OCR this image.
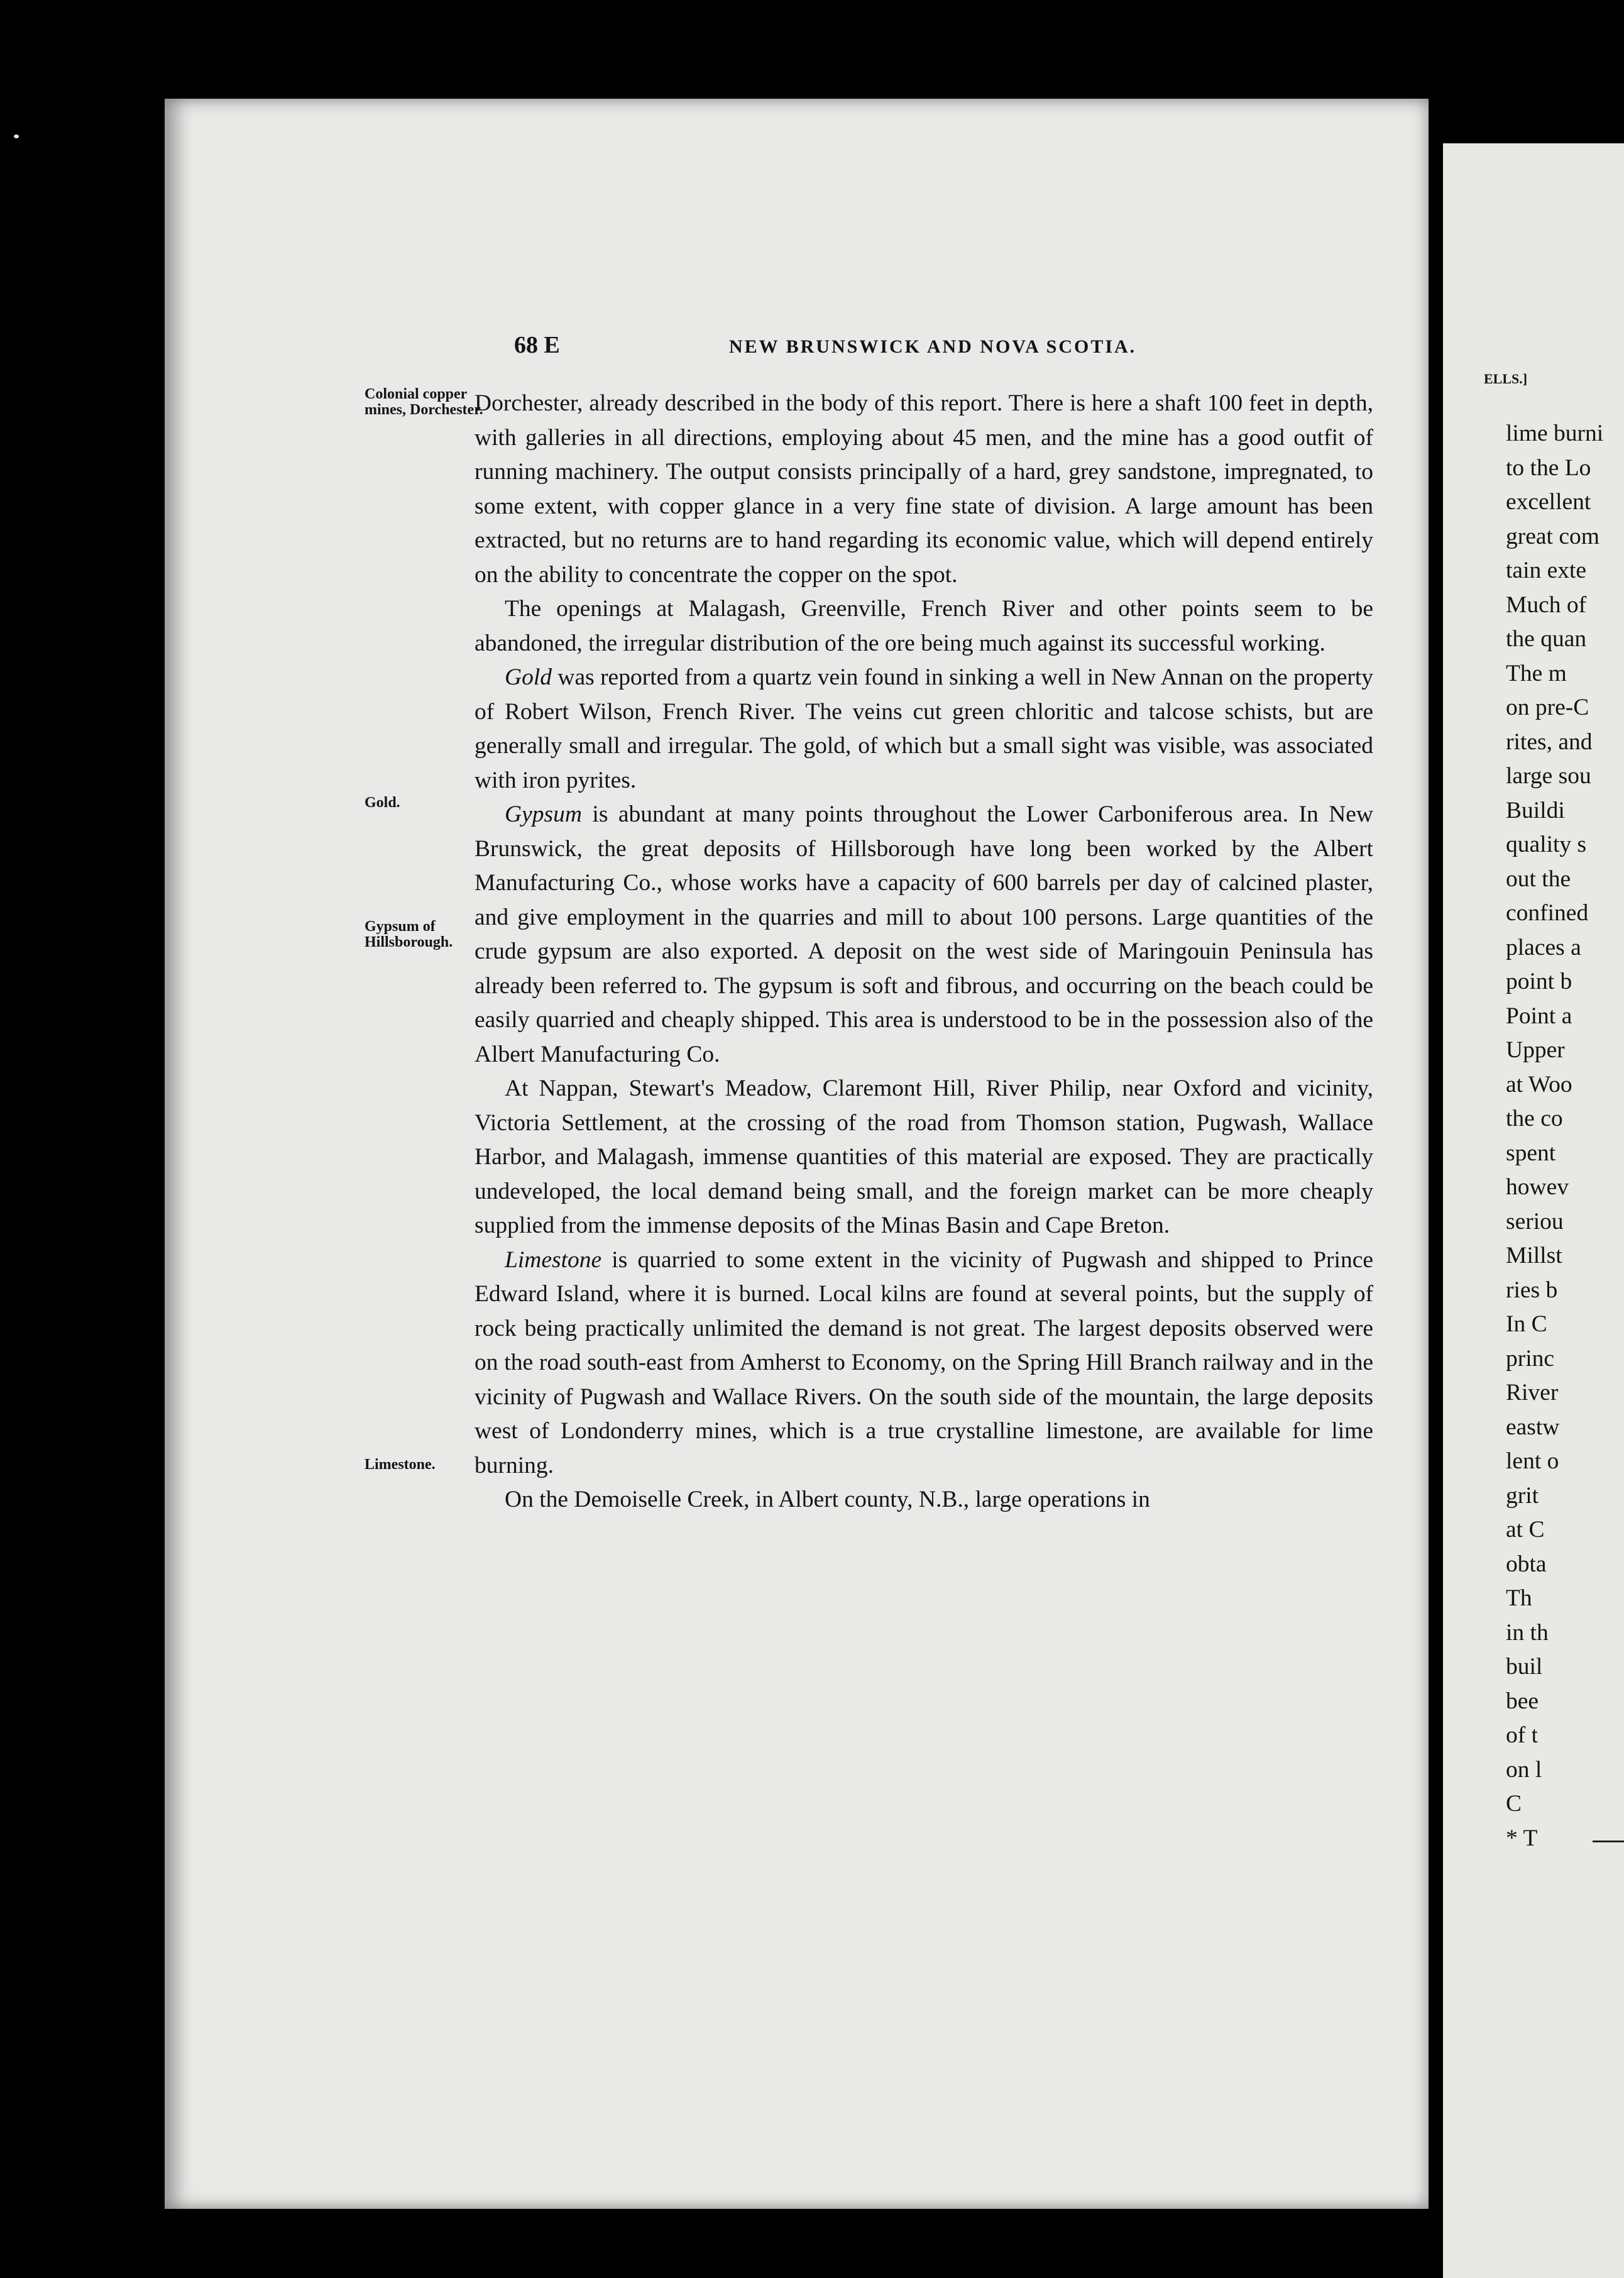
ELLS.]
lime burni
to the Lo
excellent
great com
tain exte
Much of
the quan
The m
on pre-C
rites, and
large sou
Buildi
quality s
out the
confined
places a
point b
Point a
Upper
at Woo
the co
spent
howev
seriou
Millst
ries b
In C
princ
River
eastw
lent o
grit
at C
obta
Th
in th
buil
bee
of t
on l
C
* T
68 E	NEW BRUNSWICK AND NOVA SCOTIA.
Colonial copper mines, Dorchester.
Gold.
Gypsum of Hillsborough.
Limestone.

Dorchester, already described in the body of this report. There is here a shaft 100 feet in depth, with galleries in all directions, employing about 45 men, and the mine has a good outfit of running machinery. The output consists principally of a hard, grey sandstone, impregnated, to some extent, with copper glance in a very fine state of division. A large amount has been extracted, but no returns are to hand regarding its economic value, which will depend entirely on the ability to concentrate the copper on the spot.

The openings at Malagash, Greenville, French River and other points seem to be abandoned, the irregular distribution of the ore being much against its successful working.

Gold was reported from a quartz vein found in sinking a well in New Annan on the property of Robert Wilson, French River. The veins cut green chloritic and talcose schists, but are generally small and irregular. The gold, of which but a small sight was visible, was associated with iron pyrites.

Gypsum is abundant at many points throughout the Lower Carboniferous area. In New Brunswick, the great deposits of Hillsborough have long been worked by the Albert Manufacturing Co., whose works have a capacity of 600 barrels per day of calcined plaster, and give employment in the quarries and mill to about 100 persons. Large quantities of the crude gypsum are also exported. A deposit on the west side of Maringouin Peninsula has already been referred to. The gypsum is soft and fibrous, and occurring on the beach could be easily quarried and cheaply shipped. This area is understood to be in the possession also of the Albert Manufacturing Co.

At Nappan, Stewart's Meadow, Claremont Hill, River Philip, near Oxford and vicinity, Victoria Settlement, at the crossing of the road from Thomson station, Pugwash, Wallace Harbor, and Malagash, immense quantities of this material are exposed. They are practically undeveloped, the local demand being small, and the foreign market can be more cheaply supplied from the immense deposits of the Minas Basin and Cape Breton.

Limestone is quarried to some extent in the vicinity of Pugwash and shipped to Prince Edward Island, where it is burned. Local kilns are found at several points, but the supply of rock being practically unlimited the demand is not great. The largest deposits observed were on the road south-east from Amherst to Economy, on the Spring Hill Branch railway and in the vicinity of Pugwash and Wallace Rivers. On the south side of the mountain, the large deposits west of Londonderry mines, which is a true crystalline limestone, are available for lime burning.

On the Demoiselle Creek, in Albert county, N.B., large operations in
